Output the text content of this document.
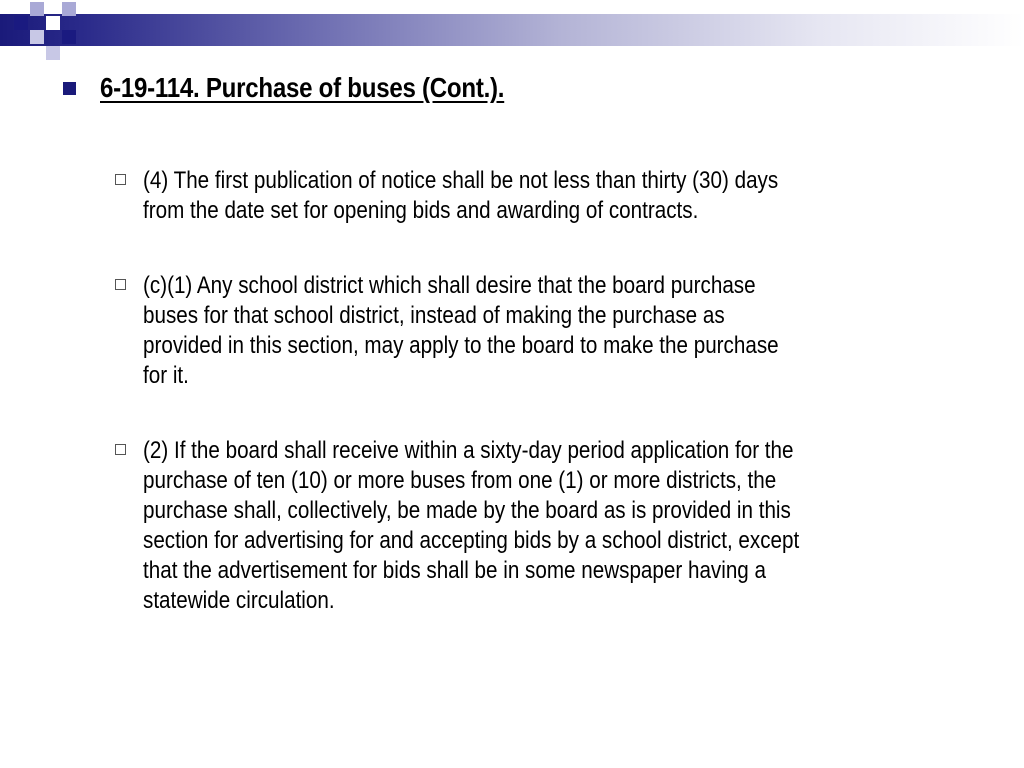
6-19-114. Purchase of buses (Cont.).
(4) The first publication of notice shall be not less than thirty (30) days
from the date set for opening bids and awarding of contracts.
(c)(1) Any school district which shall desire that the board purchase
buses for that school district, instead of making the purchase as
provided in this section, may apply to the board to make the purchase
for it.
(2) If the board shall receive within a sixty-day period application for the
purchase of ten (10) or more buses from one (1) or more districts, the
purchase shall, collectively, be made by the board as is provided in this
section for advertising for and accepting bids by a school district, except
that the advertisement for bids shall be in some newspaper having a
statewide circulation.
